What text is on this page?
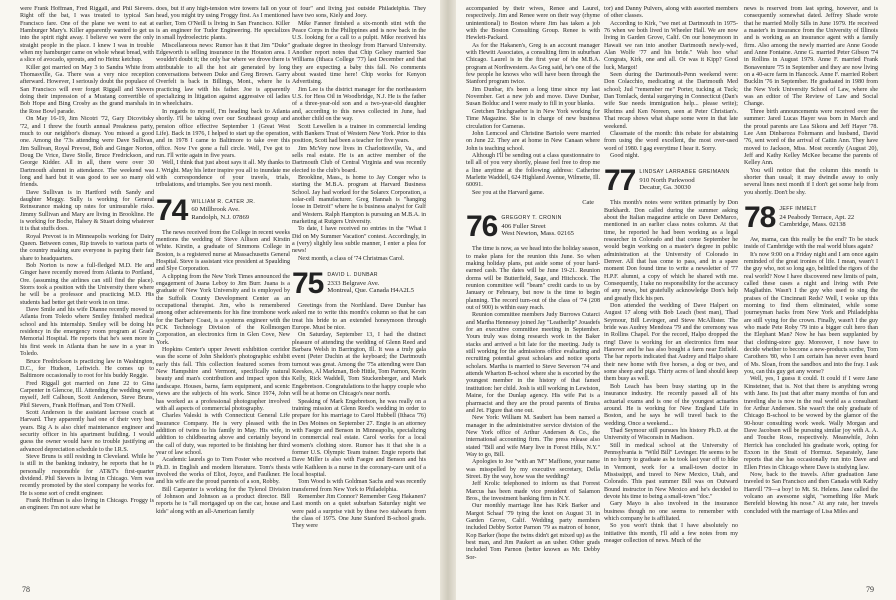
were Frank Hoffman, Fred Riggall, and Phil Sievers. Right off the bat, I was treated to typical San Francisco fare. One of the plane we went to eat at Hamburger Mary's. Killer apparently wanted to get us into the spirit right away. I believe we were the only straight people in the place. I knew I was in trouble when my hamburger came on whole wheat bread, with a slice of avocado, sprouts, and no Heinz ketchup.

Killer got married on May 3 to Sandra White from Thomasville, Ga. There was a very nice reception afterward. However, I seriously doubt the populace of San Francisco will ever forget Riggall and Sievers doing their impression of a Mustang convertible of Bob Hope and Bing Crosby as the grand marshals in the Rose Bowl parade.

On May 16-19, Jim Nicotri '72, Gary Dicovitsky '72, and I threw the fourth annual Preakness party, much to our neighbor's dismay. You missed a good one. Among the '73s attending were Dave Sullivan, Jim Sullivan, Royal Prevost, Bob and Ginger Norton, Doug De Vrice, Dave Stolle, Bruce Fredrickson, and George Kidder. All in all, there were over 30 Dartmouth alumni in attendance. The weekend was long and hard but it was good to see so many old friends.

Dave Sullivan is in Hartford with Sandy and daughter Meggy. Sully is working for General Reinsurance making up rates for uninsurable risks. Jimmy Sullivan and Mary are living in Brookline. He is working for Boche, Halsey & Stuart doing whatever it is that stuffs does.

Royal Prevost is in Minneapolis working for Dairy Queen. Between cones, Rip travels to various parts of the country making sure everyone is paying their fair share to headquarters.

Bob Norton is now a full-fledged M.D. He and Ginger have recently moved from Atlanta to Portland, Ore. (assuming the airlines can still find the place). Storrs took a position with the University there where he will be a professor and practicing M.D. His students had better get their work in on time.

Dave Smile and his wife Dianne recently moved to Atlanta from Toledo where Smiley finished medical school and his internship. Smiley will be doing his residency in the emergency room program at Grady Memorial Hospital. He reports that he's seen more in his first week in Atlanta than he saw in a year in Toledo.

Bruce Fredrickson is practicing law in Washington, D.C., for Hudson, Leftwich. He comes up to Baltimore occasionally to root for his buddy Reggie.

Fred Riggall got married on June 22 to Gina Carpenter in Glencoe, Ill. Attending the wedding were myself, Jeff Calhoun, Scott Anderson, Steve Bruns, Phil Sievers, Frank Hoffman, and Tom O'Neill.

Scott Anderson is the assistant lacrosse coach at Harvard. They apparently had one of their very best years. Big A is also chief maintenance engineer and security officer in his apartment building. I would guess the owner would have no trouble justifying an advanced depreciation schedule to the I.R.S.

Steve Bruns is still residing in Cleveland. While he is still in the banking industry, he reports that he is personally responsible for AT&T's first-quarter dividend. Phil Sievers is living in Chicago. Vern was recently promoted by the steel company he works for. He is some sort of credit engineer.

Frank Hoffman is also living in Chicago. Froggy is an engineer. I'm not sure what he

does, but if any high-tension wire towers fall on your head, you might try using Froggy first. As I mentioned earlier, Tom O'Neill is living in San Francisco. Killer is an engineer for Tudor Engineering. He specializes in small hydroelectric plants.

Miscellaneous news: Rumor has it that Jim "Duke" Edgeworth is selling insurance in the Houston area. I wouldn't doubt it; the only bar where we drove there is attributable to all the hot air generated by long conversations between Duke and Greg Brown. Garry Overfelt is back in Billings, Mont., where he is practicing law with his father. Joe is apparently specializing in litigation against aggressive oil ladies in wheelchairs.

In regards to myself, I'm heading back to Atlanta shortly. I'll be taking over our Southeast group and pension office effective September 1 (Great West Life). Back in 1976, I helped to start up the operation, and in 1978 I came to Baltimore to take over this office. Now I've gone a full circle. Well, I've got to run. I'll write again in five years.

Well, I think that just about says it all. My thanks to J. Wright. May his letter inspire you all to inundate me with correspondence of your travels, trials, tribulations, and triumphs. See you next month.

74 WILLIAM R. CATER JR.
60 Millbrook Ave.
Randolph, N.J. 07869

The news received from the College in recent weeks mentions the wedding of Steve Allison and Kirstin White. Kirstin, a graduate of Simmons College in Boston, is a registered nurse at Massachusetts General Hospital. Steve is assistant vice president at Spaulding and Slye Corporation.

A clipping from the New York Times announced the engagement of Juana Leboy to Jim Burr. Juana is a graduate of New York University and is employed by the Suffolk County Development Center as an occupational therapist. Jim, who is remembered among other achievements for his fine trombone work for the Barbary Coast, is a systems engineer with the PCK Technology Division of the Kollmorgen Corporation, an electronics firm in Glen Cove, New York.

Hopkins Center's upper Jewett exhibition corridor was the scene of John Sheldon's photographic exhibit early this fall. This collection featured scenes from New Hampshire and Vermont, specifically natural beauty and man's contribution and impact upon this landscape. Houses, barns, farm equipment, and scenic views are the subjects of his work. Since 1974, John has worked as a professional photographer involved with all aspects of commercial photography.

Charles Valeski is with Connecticut General Life Insurance Company. He is very pleased with the addition of twins to his family in May. His wife, in addition to childbearing above and certainly beyond the call of duty, was reported to be finishing her third year of law school.

Academic laurels go to Tom Foster who received a Ph.D. in English and modern literature. Tom's thesis involved the works of Eliot, Joyce, and Faulkner. He and his wife are the proud parents of a son, Robby.

Bill Carpenter is working for the Tylenol Division of Johnson and Johnson as a product director. Bill reports he is "all mortgaged up on the car, house and kids" along with an all-American family

of four" and living just outside Philadelphia. They have two sons, Kiely and Joey.

Mike Fanner finished a six-month stint with the Peace Corps in the Philippines and is now back in the U.S. looking for a call to a pulpit. Mike received his graduate degree in theology from Harvard University. Another report notes that Chip Gelsey married Sue Williams (Ithaca College '77) last December and that they are expecting a baby this fall. No comments about wasted time here! Chip works for Kenyon Advertising.

Jim Lee is the district manager for the northeastern U.S. for Hess Oil in Woodbridge, N.J. He is the father of a three-year-old son and a two-year-old daughter and, according to this news collected in June, had another child on the way.

Scott Lewellen is a trainee in commercial lending with Bankers Trust of Western New York. Prior to this position, Scott had been a teacher for five years.

Jim McVey now lives in Charlottesville, Va., and sells real estate. He is an active member of the Dartmouth Club of Central Virginia and was recently elected to the club's board.

Brookline, Mass., is home to Jay Conger who is starting the M.B.A. program at Harvard Business School. Jay had worked for the Solarex Corporation, a solar-cell manufacturer. Greg Hannah is "hanging loose in Detroit" where he is business analyst for Gulf and Western. Ralph Hampton is pursuing an M.B.A. in marketing at Rutgers University.

To date, I have received no entries in the "What I Did on My Summer Vacation" contest. Accordingly, in a (very) slightly less subtle manner, I enter a plea for news!

Next month, a class of '74 Christmas Carol.

75 DAVID L. DUNBAR
2333 Belgrave Ave.
Montreal, Que. Canada H4A2L5

Greetings from the Northland. Dave Dunbar has asked me to write this month's column so that he can treat his bride to an extended honeymoon through Europe. Must be nice.

On Saturday, September 13, I had the distinct pleasure of attending the wedding of Glenn Reed and Barbara Welsh in Barrington, Ill. It was a truly gala event (Peter Duchin at the keyboard; the Dartmouth turnout was great. Among the '75s attending were Dan Keeskes, Al Markman, Bob Hittle, Tom Parnon, Kevin Kelly, Rick Waddell, Tom Stuckenberger, and Mark Engebretson. Congratulations to the happy couple who will be at home on Chicago's near north.

Speaking of Mark Engebretson, he was really on a training mission at Glenn Reed's wedding in order to prepare for his marriage to Carol Hubbell (Ithaca '76) in Des Moines on September 27. Engie is an attorney with Faegre and Benson in Minneapolis, specializing in commercial real estate. Carol works for a local women's clothing store. Rumor has it that she is a former U.S. Olympic Team trainer. Engie reports that Dave Miller is also with Faegre and Benson and his wife Kathleen is a nurse in the coronary-care unit of a local hospital.

Tom Wood is with Goldman Sachs and was recently transferred from New York to Philadelphia.

Remember Jim Connor? Remember Greg Hakanen? Last month on a quiet suburban Saturday night we were paid a surprise visit by these two stalwarts from the class of 1975. One June Stanford B-school grads. They were

78

accompanied by their wives, Renee and Laurel, respectively. Jim and Renee were on their way (rhyme unintentional) to Boston where Jim has taken a job with the Boston Consulting Group. Renee is with Hewlett-Packard.

As for the Hakanen's, Greg is an account manager with Hewitt Associates, a consulting firm in suburban Chicago. Laurel is in the first year of the M.B.A. program at Northwestern. As Greg said, he's one of the few people he knows who will have been through the Stanford program twice.

Jim Dunbar, it's been a long time since my last November. Get a new job and move. Dave Dunbar, Susan Bolduc and I were ready to fill in your blanks.

Gretchen Teichgraeber is in New York working for Time Magazine. She is in charge of new business circulation for Cameras.

John Lemcool and Christine Bartolo were married on June 22. They are at home in New Canaan where John is teaching school.

Although I'll be sending out a class questionnaire to tell all of you very shortly, please feel free to drop me a line anytime at the following address: Catherine Marlette Waddell, 624 Highland Avenue, Wilmette, Ill. 60091.

See you at the Harvard game.

Cate
76 GREGORY T. CRONIN
406 Fuller Street
West Newton, Mass. 02165

The time is now, as we head into the holiday season, to make plans for the reunion this June. So when making holiday plans, put aside some of your hard-earned cash. The dates will be June 19-21. Reunion dorms will be Butterfield, Sage, and Hitchcock. The reunion committee will "beam" credit cards to us by January or February, but now is the time to begin planning. The record turn-out of the class of '74 (208 out of 900) is within easy reach.

Reunion committee members Judy Burrows Cutarci and Martha Hennessy joined Jay "Leatherlip" Jouadefs for an executive committee meeting in September. Yours truly was doing research work in the Baker stacks and arrived a bit late for the meeting. Judy is still working for the admissions office evaluating and recruiting potential great scholars and notice sports scholars. Martha is married to Steve Severson '74 and attends Wharton B-school where she is escorted by the youngest member in the history of that famed institution: her child. Josh is still working in Lewiston, Maine, for the Dunlap agency. His wife Pat is a pharmacist and they are the proud parents of Bruiss and Jet. Figure that one out.

New York: William M. Saubert has been named a manager in the administrative service division of the New York office of Arthur Andersen & Co., the international accounting firm. The press release also stated "Bill and wife Mary live in Forest Hills, N.Y." Way to go, Bill.

Apologies to Joe "with an 'M'" Maffione, your name was misspelled by my executive secretary, Della Street. By the way, how was the wedding?

Jeff Krolic telephoned to inform us that Forrest Marcus has been made vice president of Salamon Bros., the investment banking firm in N.Y.

Our monthly marriage line has Kirk Barker and Margot Schaaf '79 tying the knot on August 31 in Garden Grove, Calif. Wedding party members included Debby Sortor Parnon '79 as matron of honor, Kop Barker (hope the twins didn't get mixed up) as the best man, and Jim Paukert as an usher. Other grads included Tom Parnon (better known as Mr. Debby Sor-

tor) and Danny Pulvers, along with assorted members of other classes.

According to Kirk, "we met at Dartmouth in 1975-76 when we both lived in Wheeler Hall. We are now living in Garden Grove, Calif. On our honeymoon in Hawaii we ran into another Dartmouth newly-wed, Alan Wolfe '77 and his bride." Wah hoo wha! Congrats, Kirk, one and all. Or was it Kipp? Good luck, Margot!

Seen during the Dartmouth-Penn weekend were: Don Colacchio, medicating at the Dartmouth Med school; Jud "remember me" Porter, tucking at Tuck; Dan Tomlack, dental surgerying in Connecticut (Dan's wife Sue needs immigration help... please write); Rheims and Ken Noreen, seen at Peter Christian's. That recap shows what shape some were in that late weekend.

Classmate of the month: this rebate for abstaining from using the word excellent, the most over-used word of 1980. I gag everytime I hear it. Sorry.

Good night.

77 LINDSAY LARRABEE GREIMANN
910 North Parkwood
Decatur, Ga. 30030

This month's notes were written primarily by Don Burkhardt. Don called during the summer asking about the Italian magazine article on Dave DeMarco, mentioned in an earlier class notes column. At that time, he reported he had been working as a legal researcher in Colorado and that come September he would begin working on a master's degree in public administration at the University of Colorado in Denver. All that has come to pass, and in a spare moment Don found time to write a newsletter of '77 H.P.F. alumni, a copy of which he shared with me. Consequently, I take no responsibility for the accuracy of any news, but gratefully acknowledge Don's help and greatly flick his pen.

Don attended the wedding of Dave Halpert on August 17 along with Bob Leach (best man), Thad Seymour, Bill Levinger, and Steve McAllister. The bride was Audrey Mendoza '79 and the ceremony was in Rollins Chapel. For the record, Halpo dropped the ring! Dave is working for an electronics firm near Hanover and he has also bought a farm near Enfield. The bar reports indicated that Audrey and Halpo share their new home with five horses, a dog or two, and some sheep and pigs. Thirty acres of land should keep them busy as well.

Bob Leach has been busy starting up in the insurance industry. He recently passed all of his actuarial exams and is one of the youngest actuaries around. He is working for New England Life in Boston, and he says he will travel back to the wedding. Once a weekend...

Thad Seymour still pursues his history Ph.D. at the University of Wisconsin in Madison.

Still in medical school at the University of Pennsylvania is "Wild Bill" Levinger. He seems to be in no hurry to graduate as he took last year off to hike in Vermont, work for a small-town doctor in Mississippi, and travel to New Mexico, Utah, and Colorado. This past summer Bill was on Outward Bound instructor in New Mexico and he's decided to devote his time to being a small-town "doc."

Gary Mayo is also involved in the insurance business though no one seems to remember with which company he is affiliated.

So you won't think that I have absolutely no initiative this month, I'll add a few notes from my meager collection of news. Much of the

news is reserved from last spring, however, and is consequently somewhat dated. Jeffrey Shade wrote that he married Molly Sills in June 1979. He received a master's in insurance from the University of Illinois and is working as an insurance agent with a family firm. Also among the newly married are Anne Goode and Anne Fontaine. Anne G. married Peter Gibson '74 in Rollins in August 1979. Anne F. married Frank Bonaventure '75 in September and they are now living on a 40-acre farm in Hancock. Anne F. married Robert Bucklin '76 in September. He graduated in 1980 from the New York University School of Law, where she was an editor of The Review of Law and Social Change.

Three birth announcements were received over the summer: Jared Lucas Hayer was born in March and the proud parents are Lea Sikora and Jeff Hayer '78. Lee Ann Dinbaroza Fohrmann and husband, David '76, sent word of the arrival of Caitin Ann. They have moved to Jackson, Miss. Most recently (August 20), Jeff and Kathy Kelley McKee became the parents of Kelley Ann.

You will notice that the column this month is shorter than usual; it may dwindle away to only several lines next month if I don't get some help from you shortly. Don't be shy.

78 JEFF IMMELT
24 Peabody Terrace, Apt. 22
Cambridge, Mass. 02138

Aw, mama, can this really be the end? To be stuck inside of Cambridge with the real world blues again?

It's now 9:00 on a Friday night and I am once again reminded of the great ironies of life. I mean, wasn't I the guy who, not so long ago, belittled the rigors of the real world? Now I have discovered new limits of pain, called these cases a night and living with Pete Magliathin. Wasn't I the guy who used to sing the praises of the Cincinnati Reds? Well, I woke up this morning to find them eliminated, while some journeyman hacks from New York and Philadelphia are still vying for the crown. Finally, wasn't I the guy who made Pete Roby '79 into a bigger cult hero than the Elephant Man? Now he has been supplanted by that clothing-store guy. Moreover, I now have to decide whether to become a new-products scribe, Tom Carothers '80, who I am certain has never even heard of Ms. Sloan, from the sandbox and into the fray. I ask you, can this guy get any worse?

Well, yes, I guess it could. It could if I were Jane Kinsteiner, that is. Not that there is anything wrong with Jane. Its just that after many months of fun and traveling she is now in the real world as a consultant for Arthur Andersen. She wasn't the only graduate of Chicago B-school to be wowed by the glamor of the 90-hour consulting work week. Wally Morgan and Dave Jacobsen will be pursuing similar joy with A. A. and Touche Ross, respectively. Meanwhile, John Herrick has concluded his graduate work, opting for Exxon in the Strait of Hormuz. Separately, Jane reports that she has occasionally run into Dave and Ellen Fries in Chicago where Dave is studying law.

Now, back to the travels. After graduation Jane traveled to San Francisco and then Canada with Kathy Hanvill '79—a boy! to Mt. St. Helens. Jane called the volcano an awesome sight, "something like Mark Berefeld blowing his nose." At any rate, her travels concluded with the marriage of Lisa Miles and

79
